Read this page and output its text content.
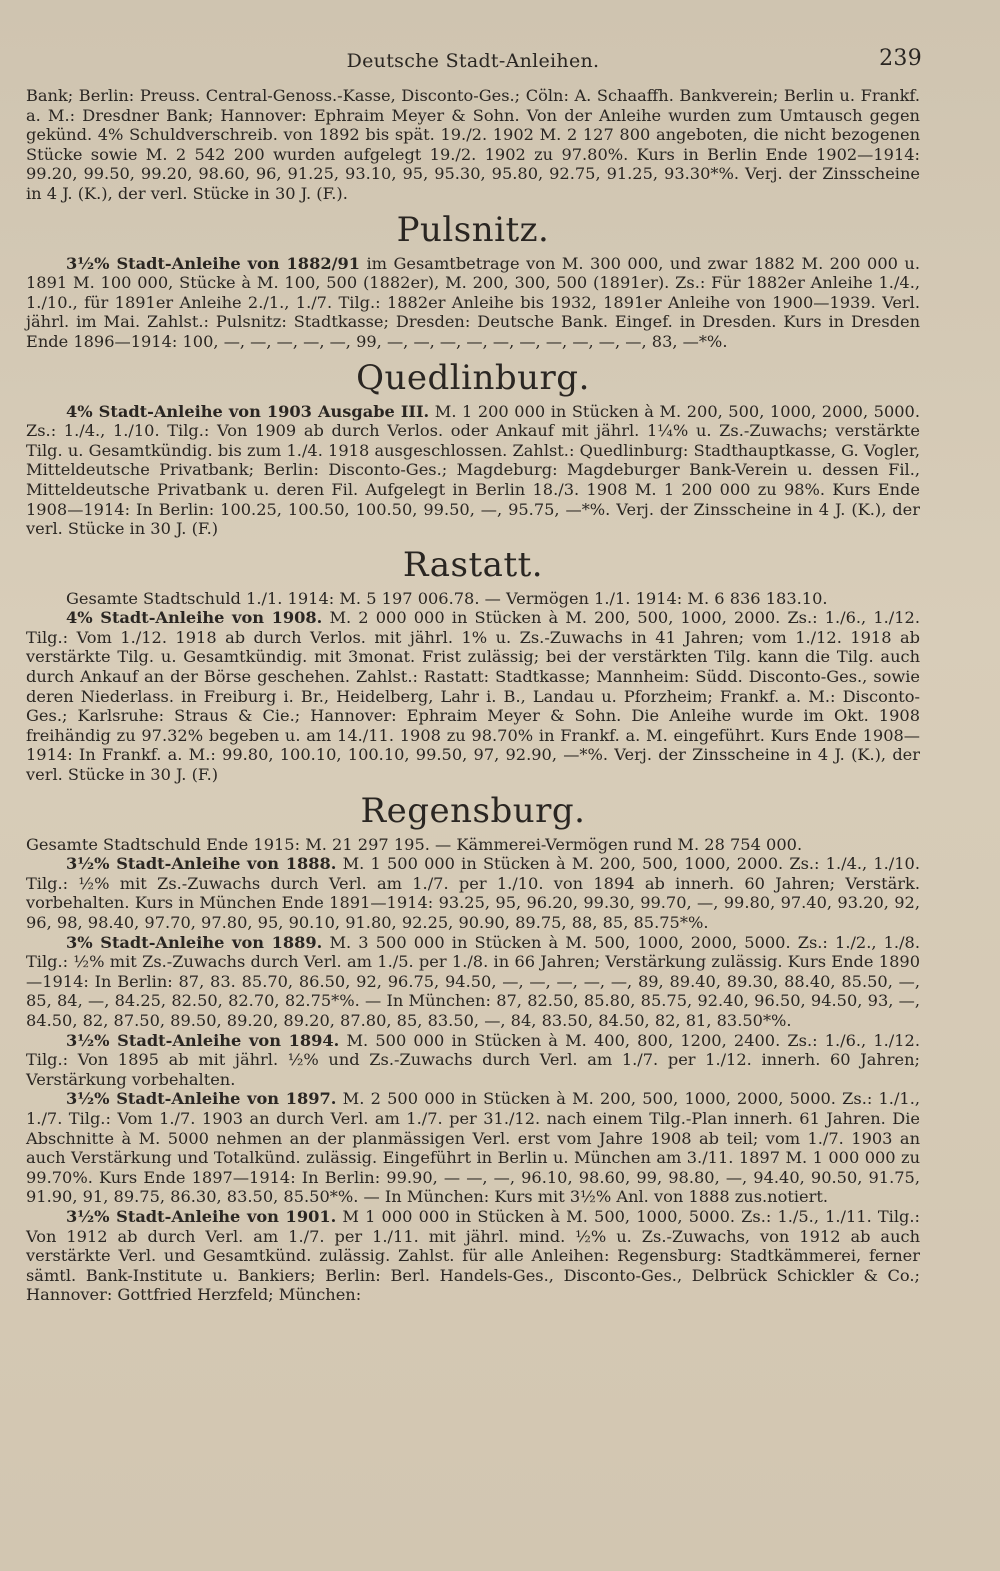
Deutsche Stadt-Anleihen.	239

Bank; Berlin: Preuss. Central-Genoss.-Kasse, Disconto-Ges.; Cöln: A. Schaaffh. Bankverein; Berlin u. Frankf. a. M.: Dresdner Bank; Hannover: Ephraim Meyer & Sohn. Von der Anleihe wurden zum Umtausch gegen gekünd. 4% Schuldverschreib. von 1892 bis spät. 19./2. 1902 M. 2 127 800 angeboten, die nicht bezogenen Stücke sowie M. 2 542 200 wurden aufgelegt 19./2. 1902 zu 97.80%. Kurs in Berlin Ende 1902—1914: 99.20, 99.50, 99.20, 98.60, 96, 91.25, 93.10, 95, 95.30, 95.80, 92.75, 91.25, 93.30*%. Verj. der Zinsscheine in 4 J. (K.), der verl. Stücke in 30 J. (F.).

Pulsnitz.

3½% Stadt-Anleihe von 1882/91 im Gesamtbetrage von M. 300 000, und zwar 1882 M. 200 000 u. 1891 M. 100 000, Stücke à M. 100, 500 (1882er), M. 200, 300, 500 (1891er). Zs.: Für 1882er Anleihe 1./4., 1./10., für 1891er Anleihe 2./1., 1./7. Tilg.: 1882er Anleihe bis 1932, 1891er Anleihe von 1900—1939. Verl. jährl. im Mai. Zahlst.: Pulsnitz: Stadtkasse; Dresden: Deutsche Bank. Eingef. in Dresden. Kurs in Dresden Ende 1896—1914: 100, —, —, —, —, —, 99, —, —, —, —, —, —, —, —, —, —, 83, —*%.

Quedlinburg.

4% Stadt-Anleihe von 1903 Ausgabe III. M. 1 200 000 in Stücken à M. 200, 500, 1000, 2000, 5000. Zs.: 1./4., 1./10. Tilg.: Von 1909 ab durch Verlos. oder Ankauf mit jährl. 1¼% u. Zs.-Zuwachs; verstärkte Tilg. u. Gesamtkündig. bis zum 1./4. 1918 ausgeschlossen. Zahlst.: Quedlinburg: Stadthauptkasse, G. Vogler, Mitteldeutsche Privatbank; Berlin: Disconto-Ges.; Magdeburg: Magdeburger Bank-Verein u. dessen Fil., Mitteldeutsche Privatbank u. deren Fil. Aufgelegt in Berlin 18./3. 1908 M. 1 200 000 zu 98%. Kurs Ende 1908—1914: In Berlin: 100.25, 100.50, 100.50, 99.50, —, 95.75, —*%. Verj. der Zinsscheine in 4 J. (K.), der verl. Stücke in 30 J. (F.)

Rastatt.

Gesamte Stadtschuld 1./1. 1914: M. 5 197 006.78. — Vermögen 1./1. 1914: M. 6 836 183.10.

4% Stadt-Anleihe von 1908. M. 2 000 000 in Stücken à M. 200, 500, 1000, 2000. Zs.: 1./6., 1./12. Tilg.: Vom 1./12. 1918 ab durch Verlos. mit jährl. 1% u. Zs.-Zuwachs in 41 Jahren; vom 1./12. 1918 ab verstärkte Tilg. u. Gesamtkündig. mit 3monat. Frist zulässig; bei der verstärkten Tilg. kann die Tilg. auch durch Ankauf an der Börse geschehen. Zahlst.: Rastatt: Stadtkasse; Mannheim: Südd. Disconto-Ges., sowie deren Niederlass. in Freiburg i. Br., Heidelberg, Lahr i. B., Landau u. Pforzheim; Frankf. a. M.: Disconto-Ges.; Karlsruhe: Straus & Cie.; Hannover: Ephraim Meyer & Sohn. Die Anleihe wurde im Okt. 1908 freihändig zu 97.32% begeben u. am 14./11. 1908 zu 98.70% in Frankf. a. M. eingeführt. Kurs Ende 1908—1914: In Frankf. a. M.: 99.80, 100.10, 100.10, 99.50, 97, 92.90, —*%. Verj. der Zinsscheine in 4 J. (K.), der verl. Stücke in 30 J. (F.)

Regensburg.

Gesamte Stadtschuld Ende 1915: M. 21 297 195. — Kämmerei-Vermögen rund M. 28 754 000.

3½% Stadt-Anleihe von 1888. M. 1 500 000 in Stücken à M. 200, 500, 1000, 2000. Zs.: 1./4., 1./10. Tilg.: ½% mit Zs.-Zuwachs durch Verl. am 1./7. per 1./10. von 1894 ab innerh. 60 Jahren; Verstärk. vorbehalten. Kurs in München Ende 1891—1914: 93.25, 95, 96.20, 99.30, 99.70, —, 99.80, 97.40, 93.20, 92, 96, 98, 98.40, 97.70, 97.80, 95, 90.10, 91.80, 92.25, 90.90, 89.75, 88, 85, 85.75*%.

3% Stadt-Anleihe von 1889. M. 3 500 000 in Stücken à M. 500, 1000, 2000, 5000. Zs.: 1./2., 1./8. Tilg.: ½% mit Zs.-Zuwachs durch Verl. am 1./5. per 1./8. in 66 Jahren; Verstärkung zulässig. Kurs Ende 1890—1914: In Berlin: 87, 83. 85.70, 86.50, 92, 96.75, 94.50, —, —, —, —, —, 89, 89.40, 89.30, 88.40, 85.50, —, 85, 84, —, 84.25, 82.50, 82.70, 82.75*%. — In München: 87, 82.50, 85.80, 85.75, 92.40, 96.50, 94.50, 93, —, 84.50, 82, 87.50, 89.50, 89.20, 89.20, 87.80, 85, 83.50, —, 84, 83.50, 84.50, 82, 81, 83.50*%.

3½% Stadt-Anleihe von 1894. M. 500 000 in Stücken à M. 400, 800, 1200, 2400. Zs.: 1./6., 1./12. Tilg.: Von 1895 ab mit jährl. ½% und Zs.-Zuwachs durch Verl. am 1./7. per 1./12. innerh. 60 Jahren; Verstärkung vorbehalten.

3½% Stadt-Anleihe von 1897. M. 2 500 000 in Stücken à M. 200, 500, 1000, 2000, 5000. Zs.: 1./1., 1./7. Tilg.: Vom 1./7. 1903 an durch Verl. am 1./7. per 31./12. nach einem Tilg.-Plan innerh. 61 Jahren. Die Abschnitte à M. 5000 nehmen an der planmässigen Verl. erst vom Jahre 1908 ab teil; vom 1./7. 1903 an auch Verstärkung und Totalkünd. zulässig. Eingeführt in Berlin u. München am 3./11. 1897 M. 1 000 000 zu 99.70%. Kurs Ende 1897—1914: In Berlin: 99.90, — —, —, 96.10, 98.60, 99, 98.80, —, 94.40, 90.50, 91.75, 91.90, 91, 89.75, 86.30, 83.50, 85.50*%. — In München: Kurs mit 3½% Anl. von 1888 zus.notiert.

3½% Stadt-Anleihe von 1901. M 1 000 000 in Stücken à M. 500, 1000, 5000. Zs.: 1./5., 1./11. Tilg.: Von 1912 ab durch Verl. am 1./7. per 1./11. mit jährl. mind. ½% u. Zs.-Zuwachs, von 1912 ab auch verstärkte Verl. und Gesamtkünd. zulässig. Zahlst. für alle Anleihen: Regensburg: Stadtkämmerei, ferner sämtl. Bank-Institute u. Bankiers; Berlin: Berl. Handels-Ges., Disconto-Ges., Delbrück Schickler & Co.; Hannover: Gottfried Herzfeld; München:
